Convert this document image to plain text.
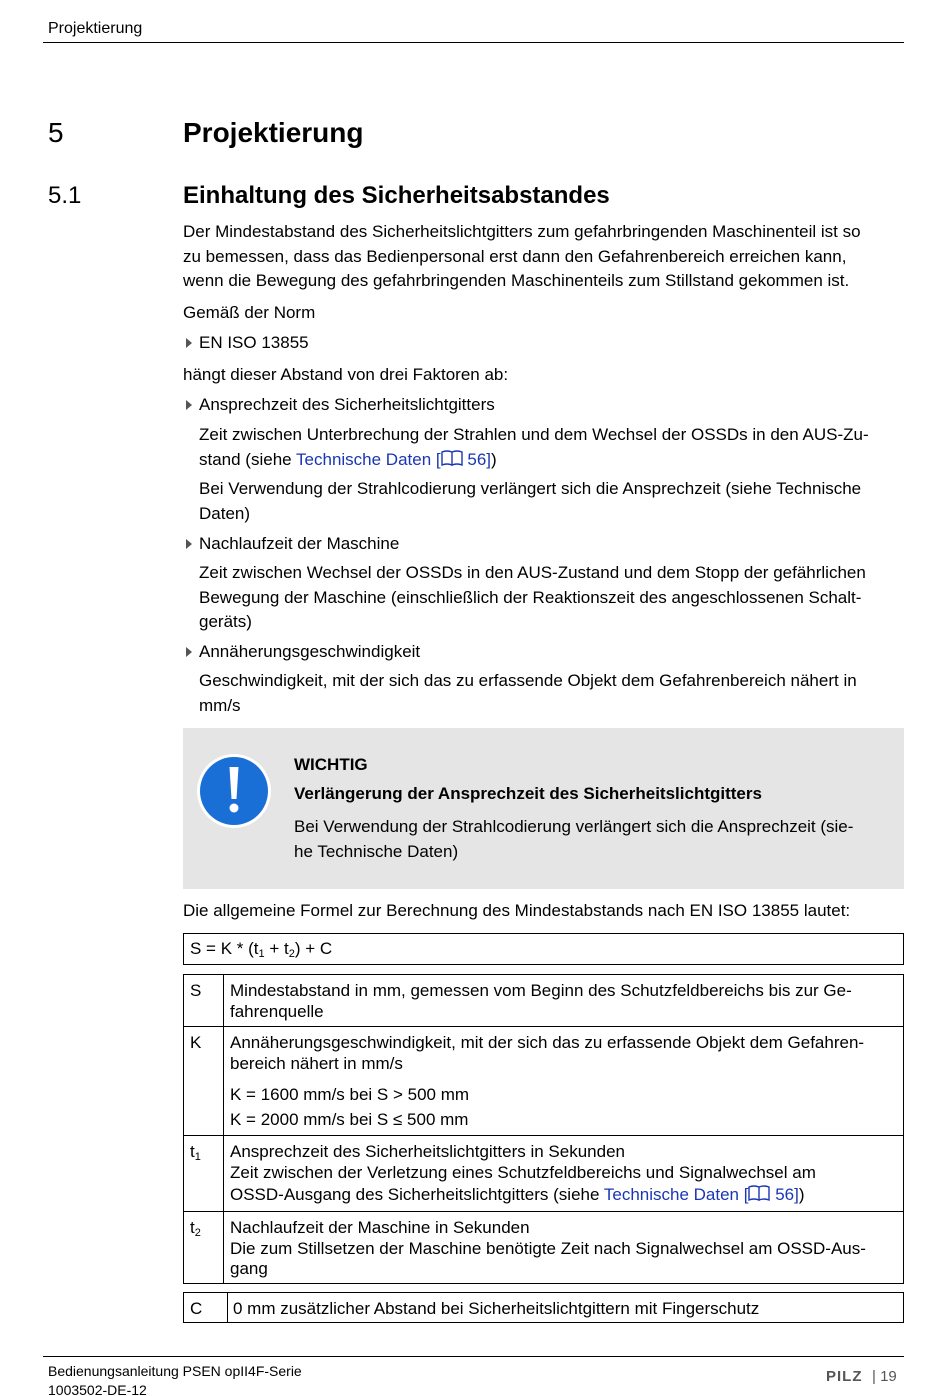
Projektierung
5	Projektierung
5.1	Einhaltung des Sicherheitsabstandes
Der Mindestabstand des Sicherheitslichtgitters zum gefahrbringenden Maschinenteil ist so
zu bemessen, dass das Bedienpersonal erst dann den Gefahrenbereich erreichen kann,
wenn die Bewegung des gefahrbringenden Maschinenteils zum Stillstand gekommen ist.
Gemäß der Norm
EN ISO 13855
hängt dieser Abstand von drei Faktoren ab:
Ansprechzeit des Sicherheitslichtgitters
Zeit zwischen Unterbrechung der Strahlen und dem Wechsel der OSSDs in den AUS-Zu-
stand (siehe Technische Daten [ 56])
Bei Verwendung der Strahlcodierung verlängert sich die Ansprechzeit (siehe Technische
Daten)
Nachlaufzeit der Maschine
Zeit zwischen Wechsel der OSSDs in den AUS-Zustand und dem Stopp der gefährlichen
Bewegung der Maschine (einschließlich der Reaktionszeit des angeschlossenen Schalt-
geräts)
Annäherungsgeschwindigkeit
Geschwindigkeit, mit der sich das zu erfassende Objekt dem Gefahrenbereich nähert in
mm/s
WICHTIG
Verlängerung der Ansprechzeit des Sicherheitslichtgitters
Bei Verwendung der Strahlcodierung verlängert sich die Ansprechzeit (sie-
he Technische Daten)
Die allgemeine Formel zur Berechnung des Mindestabstands nach EN ISO 13855 lautet:
$S = K * (t_1 + t_2) + C$
S	Mindestabstand in mm, gemessen vom Beginn des Schutzfeldbereichs bis zur Ge-
fahrenquelle

K	Annäherungsgeschwindigkeit, mit der sich das zu erfassende Objekt dem Gefahren-
bereich nähert in mm/s
K = 1600 mm/s bei S > 500 mm
K = 2000 mm/s bei S ≤ 500 mm

$t_1$	Ansprechzeit des Sicherheitslichtgitters in Sekunden
Zeit zwischen der Verletzung eines Schutzfeldbereichs und Signalwechsel am
OSSD-Ausgang des Sicherheitslichtgitters (siehe Technische Daten [ 56])

$t_2$	Nachlaufzeit der Maschine in Sekunden
Die zum Stillsetzen der Maschine benötigte Zeit nach Signalwechsel am OSSD-Aus-
gang
C 0 mm zusätzlicher Abstand bei Sicherheitslichtgittern mit Fingerschutz
Bedienungsanleitung PSEN opII4F-Serie
1003502-DE-12
PILZ | 19
